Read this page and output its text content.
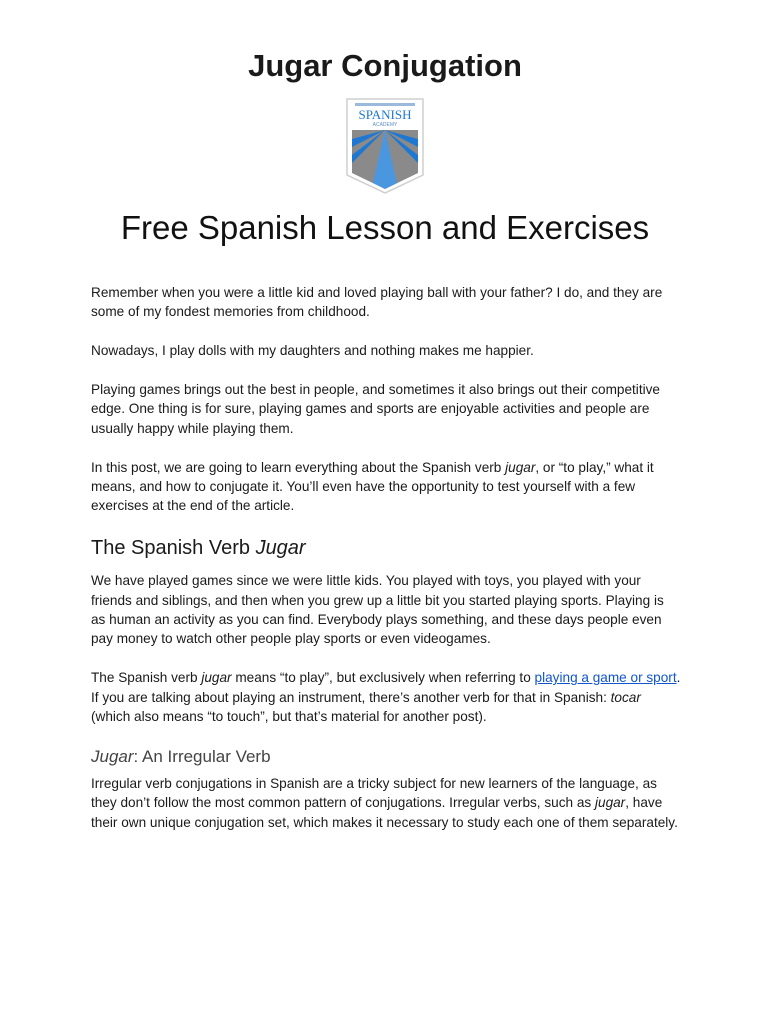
Jugar Conjugation
SPANISH
ACADEMY
Free Spanish Lesson and Exercises

Remember when you were a little kid and loved playing ball with your father? I do, and they are some of my fondest memories from childhood.

Nowadays, I play dolls with my daughters and nothing makes me happier.

Playing games brings out the best in people, and sometimes it also brings out their competitive edge. One thing is for sure, playing games and sports are enjoyable activities and people are usually happy while playing them.

In this post, we are going to learn everything about the Spanish verb jugar, or “to play,” what it means, and how to conjugate it. You’ll even have the opportunity to test yourself with a few exercises at the end of the article.

The Spanish Verb Jugar

We have played games since we were little kids. You played with toys, you played with your friends and siblings, and then when you grew up a little bit you started playing sports. Playing is as human an activity as you can find. Everybody plays something, and these days people even pay money to watch other people play sports or even videogames.

The Spanish verb jugar means “to play”, but exclusively when referring to playing a game or sport. If you are talking about playing an instrument, there’s another verb for that in Spanish: tocar (which also means “to touch”, but that’s material for another post).

Jugar: An Irregular Verb

Irregular verb conjugations in Spanish are a tricky subject for new learners of the language, as they don’t follow the most common pattern of conjugations. Irregular verbs, such as jugar, have their own unique conjugation set, which makes it necessary to study each one of them separately.
